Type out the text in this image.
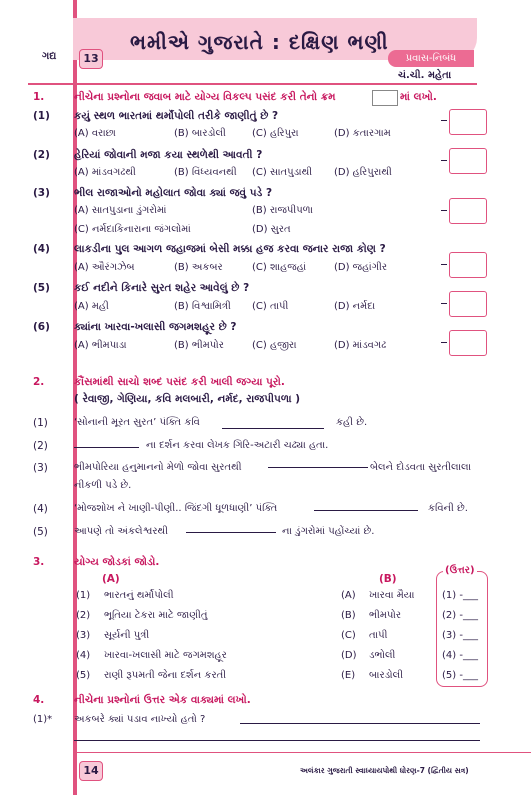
ગદ્ય	13
ભમીએ ગુજરાતે : દક્ષિણ ભણી
પ્રવાસ-નિબંધ
ચં.ચી. મહેતા
1.	નીચેના પ્રશ્નોના જવાબ માટે યોગ્ય વિકલ્પ પસંદ કરી તેનો ક્રમ	માં લખો.
(1) કયું સ્થળ ભારતમાં થર્મૉપોલી તરીકે જાણીતું છે ?
(A) વરાછા	(B) બારડોલી	(C) હરિપુરા	(D) કતારગામ
(2) હેરિયાં જોવાની મજા કયા સ્થળેથી આવતી ?
(A) માંડવગઢથી	(B) વિંધ્યવનથી (C) સાતપુડાથી (D) હરિપુરાથી
(3) ભીલ રાજાઓનો મહોલાત જોવા ક્યાં જવું પડે ?
(A) સાતપુડાના ડુંગરોમાં	(B) રાજપીપળા
(C) નર્મદાકિનારાના જંગલોમાં	(D) સુરત
(4) લાકડીના પુલ આગળ જહાજમાં બેસી મક્કા હજ કરવા જનાર રાજા કોણ ?
(A) ઔરંગઝેબ	(B) અકબર	(C) શાહજહાં	(D) જહાંગીર
(5) કઈ નદીને કિનારે સુરત શહેર આવેલું છે ?
(A) મહી	(B) વિશ્વામિત્રી (C) તાપી	(D) નર્મદા
(6) ક્યાંના ખારવા-ખલાસી જગમશહૂર છે ?
(A) ભીમપાડા	(B) ભીમપોર	(C) હજીરા	(D) માંડવગઢ
2.	કૌંસમાંથી સાચો શબ્દ પસંદ કરી ખાલી જગ્યા પૂરો.
( રેવાજી, ગેણિયા, કવિ મલબારી, નર્મદ, રાજપીપળા )
(1)	‘સોનાની મૂરત સુરત’ પંક્તિ કવિ	કહી છે.
(2)	ના દર્શન કરવા લેખક ગિરિ-અટારી ચઢ્યા હતા.
(3)	ભીમપોરિયા હનુમાનનો મેળો જોવા સુરતથી	બેલને દોડવતા સુરતીલાલા
નીકળી પડે છે.
(4)	‘મોજશોખ ને ખાણી-પીણી.. જિંદગી ધૂળધાણી’ પંક્તિ	કવિની છે.
(5)	આપણે તો અંકલેશ્વરથી	ના ડુંગરોમાં પહોંચ્યાં છે.
3.	યોગ્ય જોડકાં જોડો.
(A)	(B)
(ઉત્તર)
(1) ભારતનું થર્મૉપોલી	(A) ખારવા મૈયા	(1) -___
(2) ભૂતિયા ટેકરા માટે જાણીતું	(B) ભીમપોર	(2) -___
(3) સૂર્યની પુત્રી	(C) તાપી	(3) -___
(4) ખારવા-ખલાસી માટે જગમશહૂર	(D) ડભોલી	(4) -___
(5) રાણી રૂપમતી જેના દર્શન કરતી	(E) બારડોલી	(5) -___
4.	નીચેના પ્રશ્નોનાં ઉત્તર એક વાક્યમાં લખો.
(1)* અકબરે ક્યાં પડાવ નાખ્યો હતો ?
14	અલંકાર ગુજરાતી સ્વાધ્યાયપોથી ધોરણ-7 (દ્વિતીય સત્ર)
